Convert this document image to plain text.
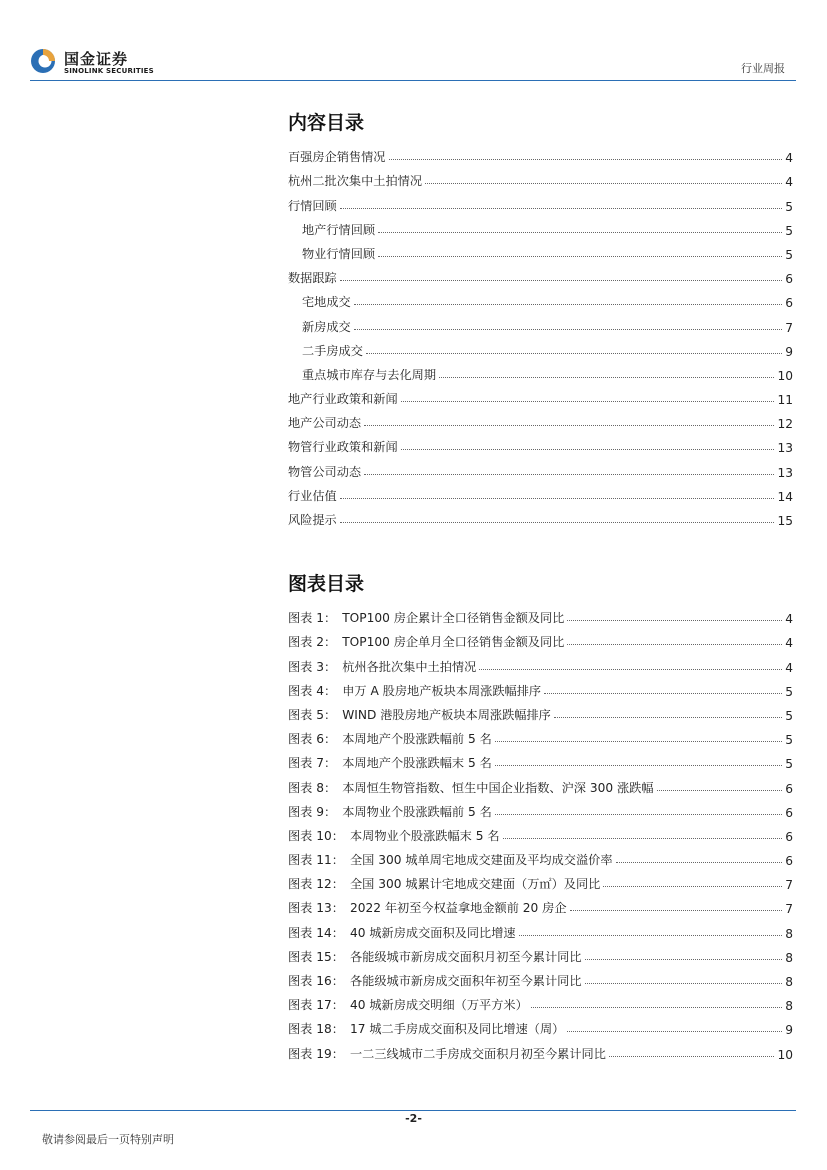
国金证券
SINOLINK SECURITIES	行业周报
内容目录
百强房企销售情况	4
杭州二批次集中土拍情况	4
行情回顾	5
地产行情回顾	5
物业行情回顾	5
数据跟踪	6
宅地成交	6
新房成交	7
二手房成交	9
重点城市库存与去化周期	10
地产行业政策和新闻	11
地产公司动态	12
物管行业政策和新闻	13
物管公司动态	13
行业估值	14
风险提示	15
图表目录
图表 1 ： TOP100 房企累计全口径销售金额及同比	4
图表 2 ： TOP100 房企单月全口径销售金额及同比	4
图表 3 ： 杭州各批次集中土拍情况	4
图表 4 ： 申万 A 股房地产板块本周涨跌幅排序	5
图表 5 ： WIND 港股房地产板块本周涨跌幅排序	5
图表 6 ： 本周地产个股涨跌幅前 5 名	5
图表 7 ： 本周地产个股涨跌幅末 5 名	5
图表 8 ： 本周恒生物管指数、恒生中国企业指数、沪深 300 涨跌幅	6
图表 9 ： 本周物业个股涨跌幅前 5 名	6
图表 10 ： 本周物业个股涨跌幅末 5 名	6
图表 11 ： 全国 300 城单周宅地成交建面及平均成交溢价率	6
图表 12 ： 全国 300 城累计宅地成交建面（万㎡）及同比	7
图表 13 ： 2022 年初至今权益拿地金额前 20 房企	7
图表 14 ： 40 城新房成交面积及同比增速	8
图表 15 ： 各能级城市新房成交面积月初至今累计同比	8
图表 16 ： 各能级城市新房成交面积年初至今累计同比	8
图表 17 ： 40 城新房成交明细（万平方米）	8
图表 18 ： 17 城二手房成交面积及同比增速（周）	9
图表 19 ： 一二三线城市二手房成交面积月初至今累计同比	10
-2-
敬请参阅最后一页特别声明
